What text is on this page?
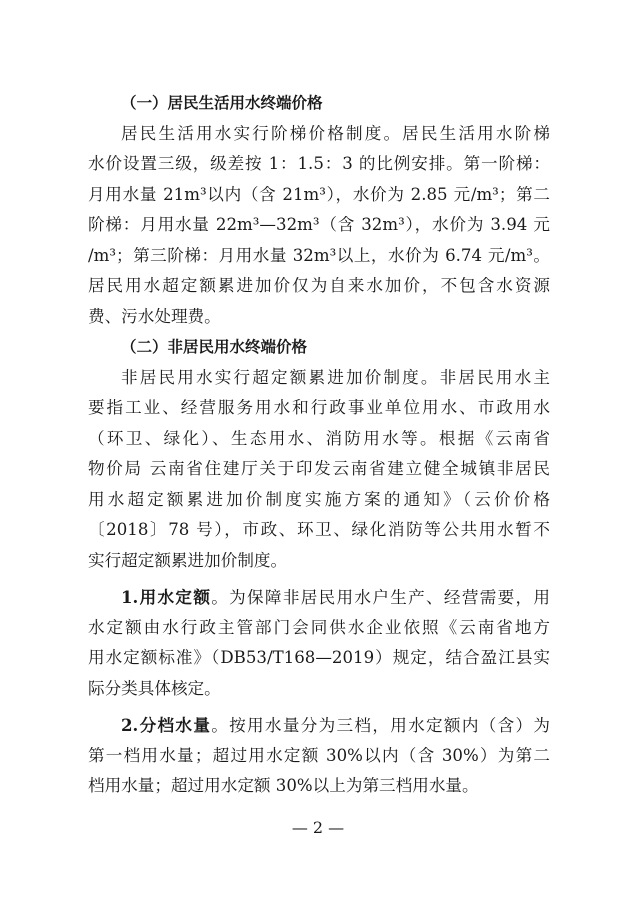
（一）居民生活用水终端价格
居民生活用水实行阶梯价格制度。居民生活用水阶梯
水价设置三级，级差按 1：1.5：3 的比例安排。第一阶梯：
月用水量 21m³以内（含 21m³），水价为 2.85 元/m³；第二
阶梯：月用水量 22m³—32m³（含 32m³），水价为 3.94 元
/m³；第三阶梯：月用水量 32m³以上，水价为 6.74 元/m³。
居民用水超定额累进加价仅为自来水加价，不包含水资源
费、污水处理费。
（二）非居民用水终端价格
非居民用水实行超定额累进加价制度。非居民用水主
要指工业、经营服务用水和行政事业单位用水、市政用水
（环卫、绿化）、生态用水、消防用水等。根据《云南省
物价局 云南省住建厅关于印发云南省建立健全城镇非居民
用水超定额累进加价制度实施方案的通知》（云价价格
〔2018〕78 号），市政、环卫、绿化消防等公共用水暂不
实行超定额累进加价制度。
1.用水定额。为保障非居民用水户生产、经营需要，用
水定额由水行政主管部门会同供水企业依照《云南省地方
用水定额标准》（DB53/T168—2019）规定，结合盈江县实
际分类具体核定。
2.分档水量。按用水量分为三档，用水定额内（含）为
第一档用水量；超过用水定额 30%以内（含 30%）为第二
档用水量；超过用水定额 30%以上为第三档用水量。
— 2 —
